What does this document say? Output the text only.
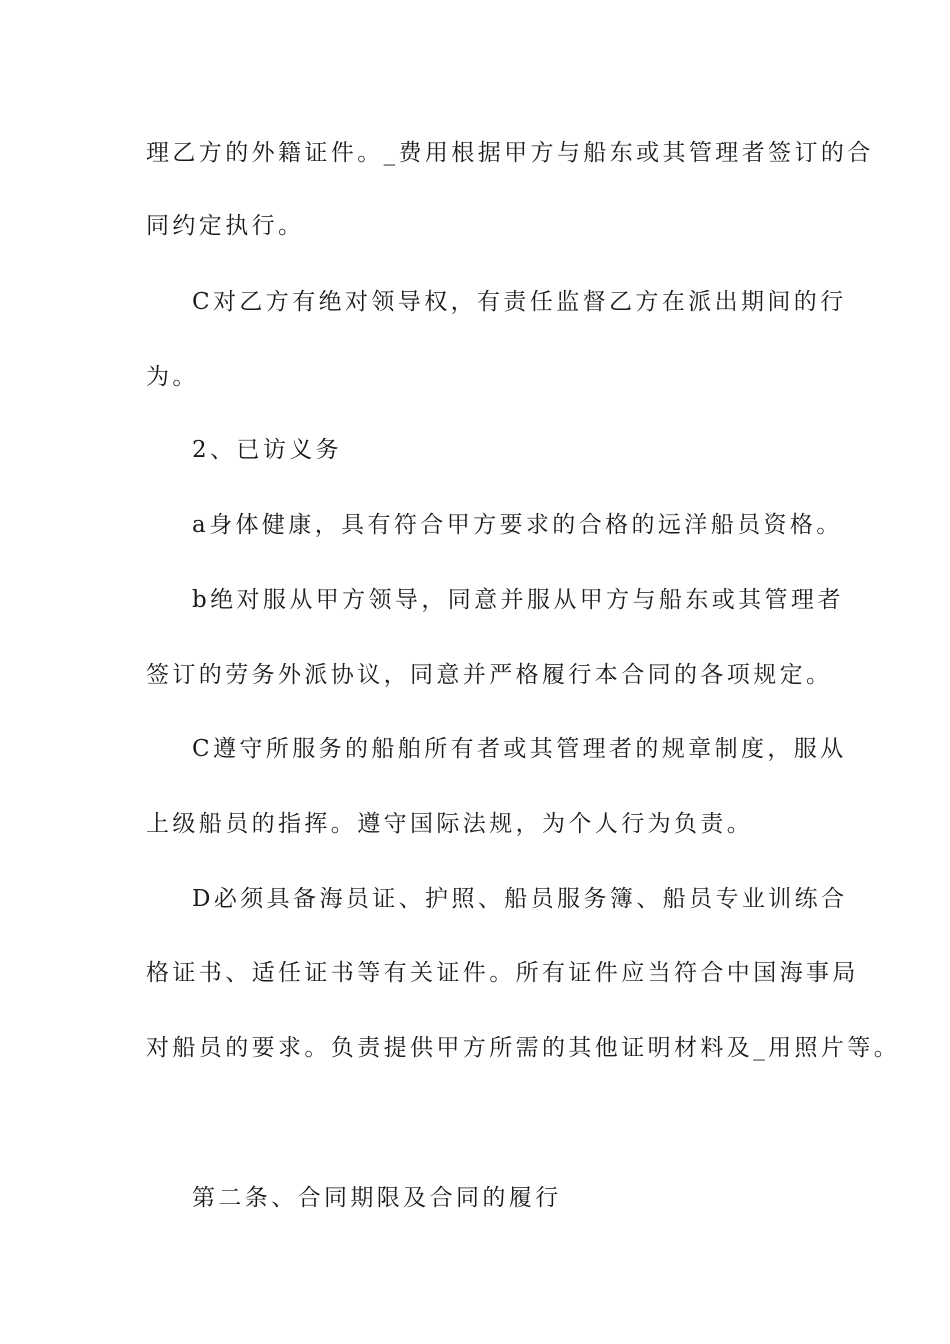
理乙方的外籍证件。_费用根据甲方与船东或其管理者签订的合
同约定执行。
C对乙方有绝对领导权，有责任监督乙方在派出期间的行
为。
2、已访义务
a身体健康，具有符合甲方要求的合格的远洋船员资格。
b绝对服从甲方领导，同意并服从甲方与船东或其管理者
签订的劳务外派协议，同意并严格履行本合同的各项规定。
C遵守所服务的船舶所有者或其管理者的规章制度，服从
上级船员的指挥。遵守国际法规，为个人行为负责。
D必须具备海员证、护照、船员服务簿、船员专业训练合
格证书、适任证书等有关证件。所有证件应当符合中国海事局
对船员的要求。负责提供甲方所需的其他证明材料及_用照片等。
第二条、合同期限及合同的履行
